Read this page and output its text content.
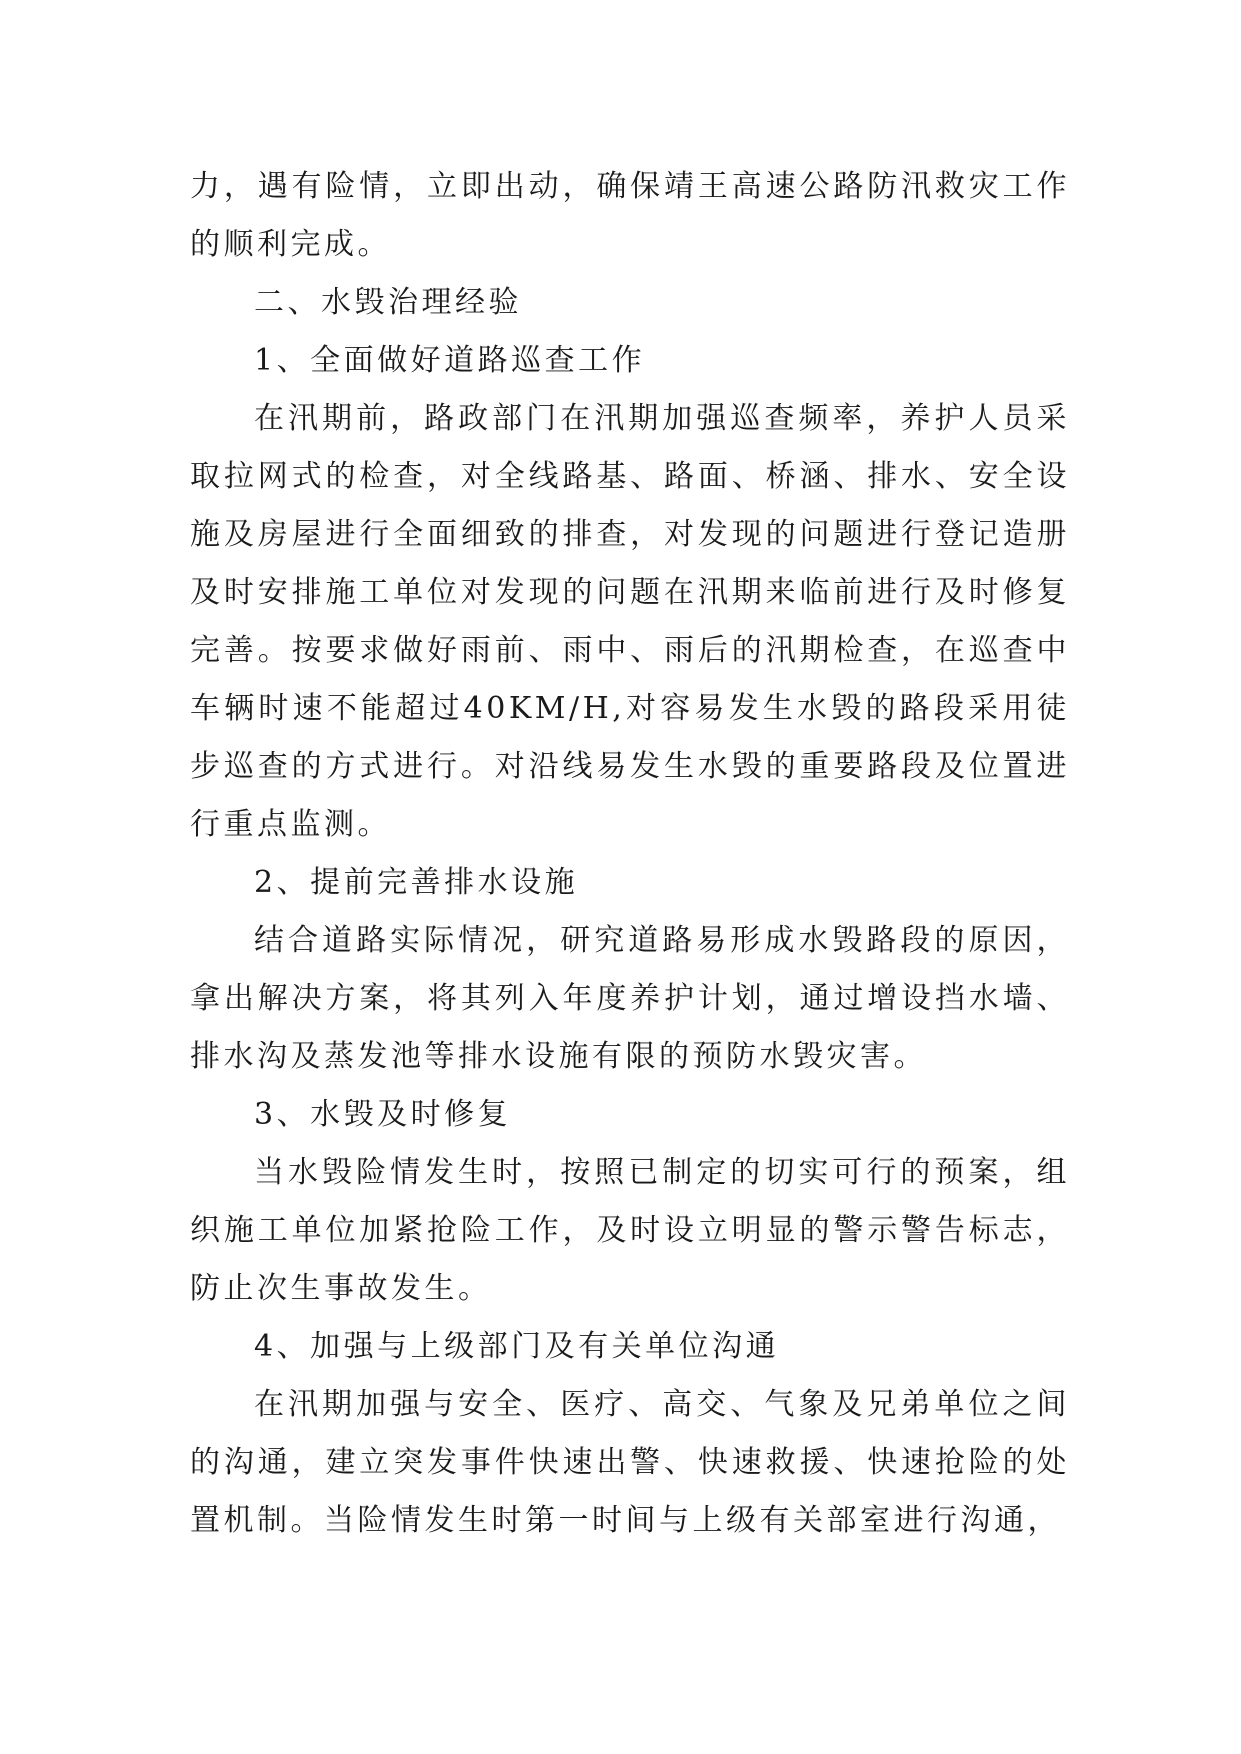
力，遇有险情，立即出动，确保靖王高速公路防汛救灾工作的顺利完成。

二、水毁治理经验

1、全面做好道路巡查工作

在汛期前，路政部门在汛期加强巡查频率，养护人员采取拉网式的检查，对全线路基、路面、桥涵、排水、安全设施及房屋进行全面细致的排查，对发现的问题进行登记造册及时安排施工单位对发现的问题在汛期来临前进行及时修复完善。按要求做好雨前、雨中、雨后的汛期检查，在巡查中车辆时速不能超过40KM/H,对容易发生水毁的路段采用徒步巡查的方式进行。对沿线易发生水毁的重要路段及位置进行重点监测。

2、提前完善排水设施

结合道路实际情况，研究道路易形成水毁路段的原因，拿出解决方案，将其列入年度养护计划，通过增设挡水墙、排水沟及蒸发池等排水设施有限的预防水毁灾害。

3、水毁及时修复

当水毁险情发生时，按照已制定的切实可行的预案，组织施工单位加紧抢险工作，及时设立明显的警示警告标志，防止次生事故发生。

4、加强与上级部门及有关单位沟通

在汛期加强与安全、医疗、高交、气象及兄弟单位之间的沟通，建立突发事件快速出警、快速救援、快速抢险的处置机制。当险情发生时第一时间与上级有关部室进行沟通，
